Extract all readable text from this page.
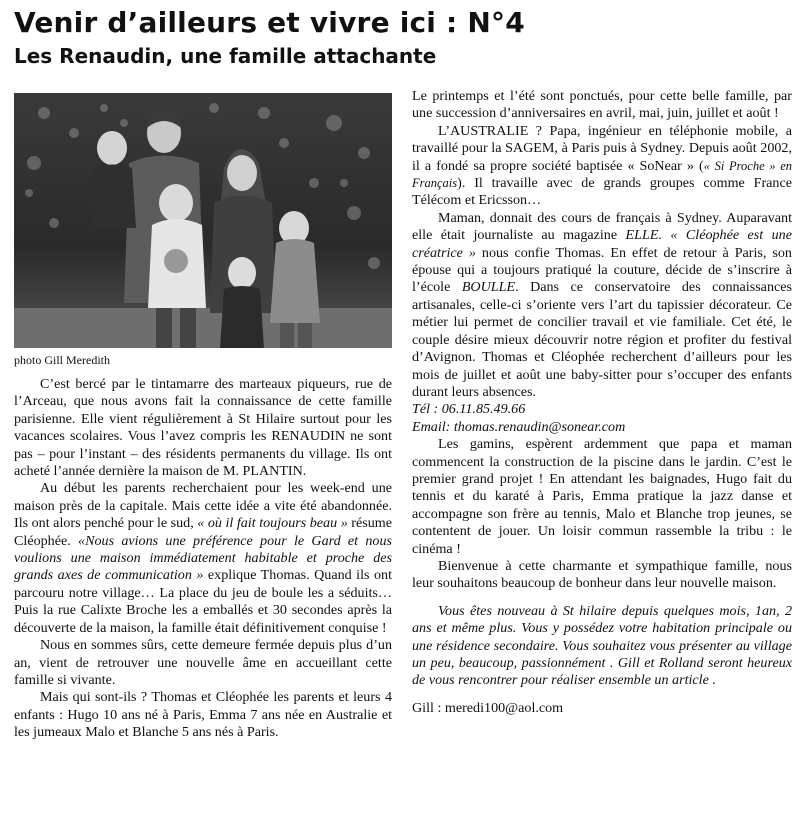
Venir d’ailleurs et vivre ici : N°4
Les Renaudin, une famille attachante
photo Gill Meredith

C’est bercé par le tintamarre des marteaux piqueurs, rue de l’Arceau, que nous avons fait la connaissance de cette famille parisienne. Elle vient régulièrement à St Hilaire surtout pour les vacances scolaires. Vous l’avez compris les RENAUDIN ne sont pas – pour l’instant – des résidents permanents du village. Ils ont acheté l’année dernière la maison de M. PLANTIN.

Au début les parents recherchaient pour les week-end une maison près de la capitale. Mais cette idée a vite été abandonnée. Ils ont alors penché pour le sud, « où il fait toujours beau » résume Cléophée. «Nous avions une préférence pour le Gard et nous voulions une maison immédiatement habitable et proche des grands axes de communication » explique Thomas. Quand ils ont parcouru notre village… La place du jeu de boule les a séduits… Puis la rue Calixte Broche les a emballés et 30 secondes après la découverte de la maison, la famille était définitivement conquise !

Nous en sommes sûrs, cette demeure fermée depuis plus d’un an, vient de retrouver une nouvelle âme en accueillant cette famille si vivante.

Mais qui sont-ils ? Thomas et Cléophée les parents et leurs 4 enfants : Hugo 10 ans né à Paris, Emma 7 ans née en Australie et les jumeaux Malo et Blanche 5 ans nés à Paris.

Le printemps et l’été sont ponctués, pour cette belle famille, par une succession d’anniversaires en avril, mai, juin, juillet et août !

L’AUSTRALIE ? Papa, ingénieur en téléphonie mobile, a travaillé pour la SAGEM, à Paris puis à Sydney. Depuis août 2002, il a fondé sa propre société baptisée « SoNear » (« Si Proche » en Français). Il travaille avec de grands groupes comme France Télécom et Ericsson…

Maman, donnait des cours de français à Sydney. Auparavant elle était journaliste au magazine ELLE. « Cléophée est une créatrice » nous confie Thomas. En effet de retour à Paris, son épouse qui a toujours pratiqué la couture, décide de s’inscrire à l’école BOULLE. Dans ce conservatoire des connaissances artisanales, celle-ci s’oriente vers l’art du tapissier décorateur. Ce métier lui permet de concilier travail et vie familiale. Cet été, le couple désire mieux découvrir notre région et profiter du festival d’Avignon. Thomas et Cléophée recherchent d’ailleurs pour les mois de juillet et août une baby-sitter pour s’occuper des enfants durant leurs absences.

Tél : 06.11.85.49.66

Email: thomas.renaudin@sonear.com

Les gamins, espèrent ardemment que papa et maman commencent la construction de la piscine dans le jardin. C’est le premier grand projet ! En attendant les baignades, Hugo fait du tennis et du karaté à Paris, Emma pratique la jazz danse et accompagne son frère au tennis, Malo et Blanche trop jeunes, se contentent de jouer. Un loisir commun rassemble la tribu : le cinéma !

Bienvenue à cette charmante et sympathique famille, nous leur souhaitons beaucoup de bonheur dans leur nouvelle maison.

Vous êtes nouveau à St hilaire depuis quelques mois, 1an, 2 ans et même plus. Vous y possédez votre habitation principale ou une résidence secondaire. Vous souhaitez vous présenter au village un peu, beaucoup, passionnément . Gill et Rolland seront heureux de vous rencontrer pour réaliser ensemble un article .

Gill : meredi100@aol.com
